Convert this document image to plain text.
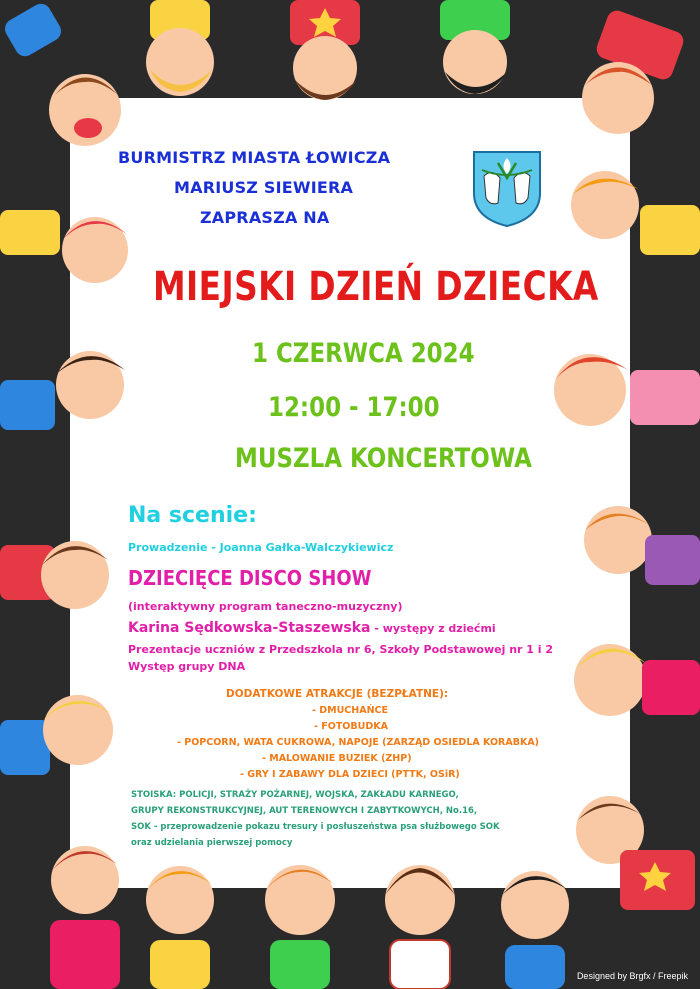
BURMISTRZ MIASTA ŁOWICZA
MARIUSZ SIEWIERA
ZAPRASZA NA
MIEJSKI DZIEŃ DZIECKA
1 CZERWCA 2024
12:00 - 17:00
MUSZLA KONCERTOWA
Na scenie:
Prowadzenie - Joanna Gałka-Walczykiewicz
DZIECIĘCE DISCO SHOW
(interaktywny program taneczno-muzyczny)
Karina Sędkowska-Staszewska - występy z dziećmi
Prezentacje uczniów z Przedszkola nr 6, Szkoły Podstawowej nr 1 i 2
Występ grupy DNA
DODATKOWE ATRAKCJE (BEZPŁATNE):
- DMUCHAŃCE
- FOTOBUDKA
- POPCORN, WATA CUKROWA, NAPOJE (ZARZĄD OSIEDLA KORABKA)
- MALOWANIE BUZIEK (ZHP)
- GRY I ZABAWY DLA DZIECI (PTTK, OSiR)
STOISKA: POLICJI, STRAŻY POŻARNEJ, WOJSKA, ZAKŁADU KARNEGO,
GRUPY REKONSTRUKCYJNEJ, AUT TERENOWYCH I ZABYTKOWYCH, No.16,
SOK - przeprowadzenie pokazu tresury i posłuszeństwa psa służbowego SOK
oraz udzielania pierwszej pomocy
Designed by Brgfx / Freepik
